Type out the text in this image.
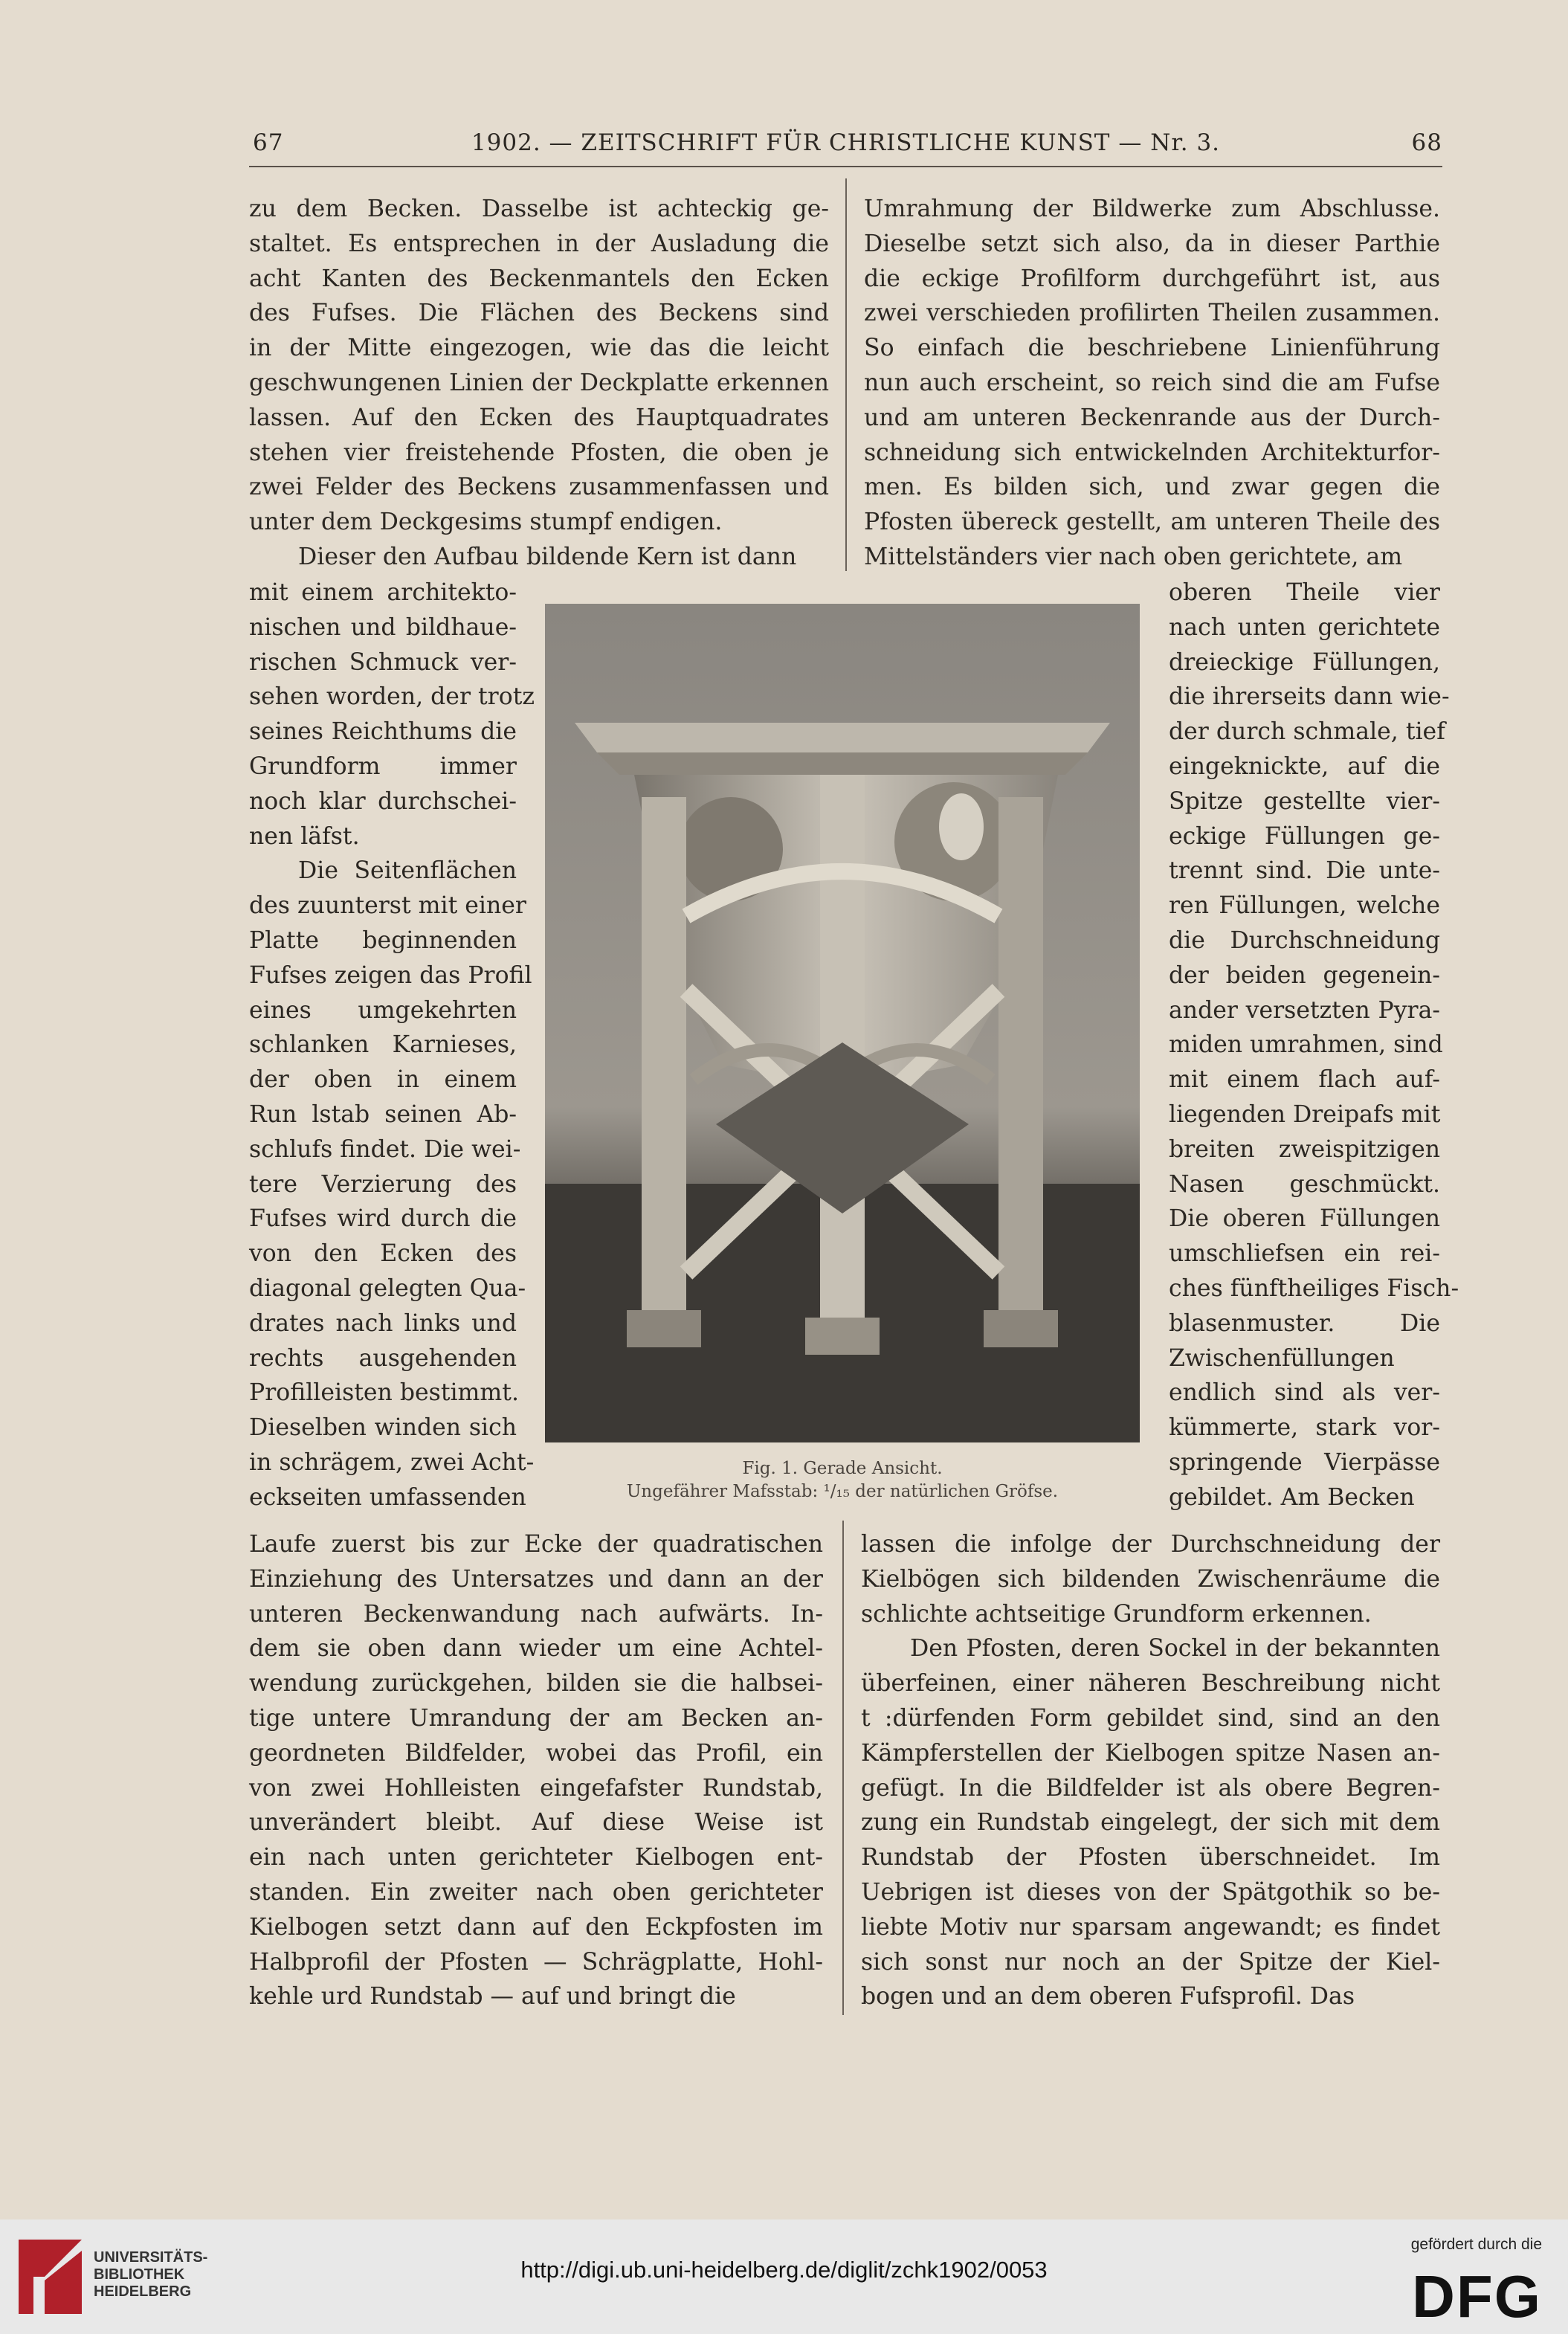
67	1902. — ZEITSCHRIFT FÜR CHRISTLICHE KUNST — Nr. 3.	68
zu dem Becken. Dasselbe ist achteckig ge-
staltet. Es entsprechen in der Ausladung die
acht Kanten des Beckenmantels den Ecken
des Fufses. Die Flächen des Beckens sind
in der Mitte eingezogen, wie das die leicht
geschwungenen Linien der Deckplatte erkennen
lassen. Auf den Ecken des Hauptquadrates
stehen vier freistehende Pfosten, die oben je
zwei Felder des Beckens zusammenfassen und
unter dem Deckgesims stumpf endigen.
Dieser den Aufbau bildende Kern ist dann
mit einem architekto-
nischen und bildhaue-
rischen Schmuck ver-
sehen worden, der trotz
seines Reichthums die
Grundform immer
noch klar durchschei-
nen läfst.
Die Seitenflächen
des zuunterst mit einer
Platte beginnenden
Fufses zeigen das Profil
eines umgekehrten
schlanken Karnieses,
der oben in einem
Run lstab seinen Ab-
schlufs findet. Die wei-
tere Verzierung des
Fufses wird durch die
von den Ecken des
diagonal gelegten Qua-
drates nach links und
rechts ausgehenden
Profilleisten bestimmt.
Dieselben winden sich
in schrägem, zwei Acht-
eckseiten umfassenden
Laufe zuerst bis zur Ecke der quadratischen
Einziehung des Untersatzes und dann an der
unteren Beckenwandung nach aufwärts. In-
dem sie oben dann wieder um eine Achtel-
wendung zurückgehen, bilden sie die halbsei-
tige untere Umrandung der am Becken an-
geordneten Bildfelder, wobei das Profil, ein
von zwei Hohlleisten eingefafster Rundstab,
unverändert bleibt. Auf diese Weise ist
ein nach unten gerichteter Kielbogen ent-
standen. Ein zweiter nach oben gerichteter
Kielbogen setzt dann auf den Eckpfosten im
Halbprofil der Pfosten — Schrägplatte, Hohl-
kehle urd Rundstab — auf und bringt die
Umrahmung der Bildwerke zum Abschlusse.
Dieselbe setzt sich also, da in dieser Parthie
die eckige Profilform durchgeführt ist, aus
zwei verschieden profilirten Theilen zusammen.
So einfach die beschriebene Linienführung
nun auch erscheint, so reich sind die am Fufse
und am unteren Beckenrande aus der Durch-
schneidung sich entwickelnden Architekturfor-
men. Es bilden sich, und zwar gegen die
Pfosten übereck gestellt, am unteren Theile des
Mittelständers vier nach oben gerichtete, am
oberen Theile vier
nach unten gerichtete
dreieckige Füllungen,
die ihrerseits dann wie-
der durch schmale, tief
eingeknickte, auf die
Spitze gestellte vier-
eckige Füllungen ge-
trennt sind. Die unte-
ren Füllungen, welche
die Durchschneidung
der beiden gegenein-
ander versetzten Pyra-
miden umrahmen, sind
mit einem flach auf-
liegenden Dreipafs mit
breiten zweispitzigen
Nasen geschmückt.
Die oberen Füllungen
umschliefsen ein rei-
ches fünftheiliges Fisch-
blasenmuster. Die
Zwischenfüllungen
endlich sind als ver-
kümmerte, stark vor-
springende Vierpässe
gebildet. Am Becken
lassen die infolge der Durchschneidung der
Kielbögen sich bildenden Zwischenräume die
schlichte achtseitige Grundform erkennen.
Den Pfosten, deren Sockel in der bekannten
überfeinen, einer näheren Beschreibung nicht
t :dürfenden Form gebildet sind, sind an den
Kämpferstellen der Kielbogen spitze Nasen an-
gefügt. In die Bildfelder ist als obere Begren-
zung ein Rundstab eingelegt, der sich mit dem
Rundstab der Pfosten überschneidet. Im
Uebrigen ist dieses von der Spätgothik so be-
liebte Motiv nur sparsam angewandt; es findet
sich sonst nur noch an der Spitze der Kiel-
bogen und an dem oberen Fufsprofil. Das
Fig. 1. Gerade Ansicht.
Ungefährer Mafsstab: ¹/₁₅ der natürlichen Gröfse.
UNIVERSITÄTS-
BIBLIOTHEK
HEIDELBERG
http://digi.ub.uni-heidelberg.de/diglit/zchk1902/0053
gefördert durch die
DFG
